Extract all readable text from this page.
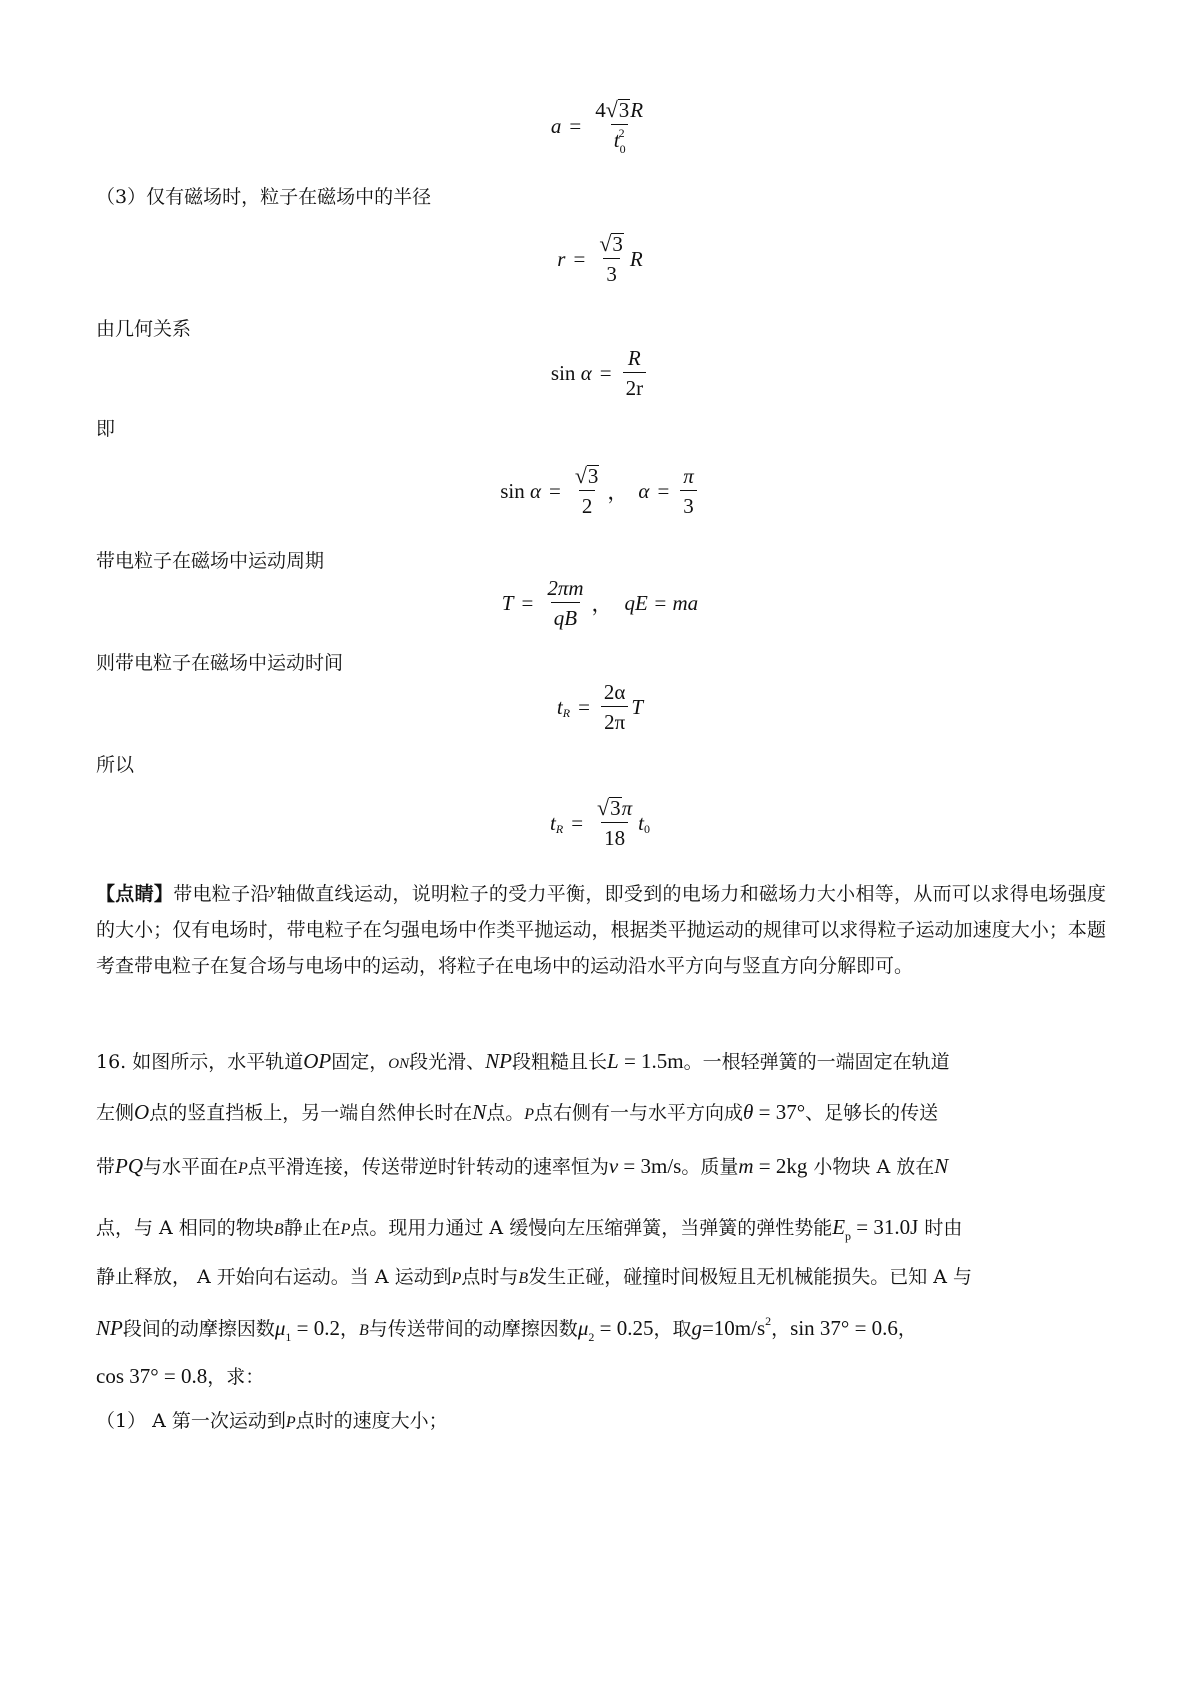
$a = \frac{4 √ 3 R}{t_0^2}$
（3）仅有磁场时，粒子在磁场中的半径
$r = \frac{√ 3}{3}$ R
由几何关系
sin
$\alpha = \frac{R}{2r}$
即
sin
$\alpha = \frac{√ 3}{2}$ ， $\alpha = \frac{\pi}{3}$
带电粒子在磁场中运动周期
$T = \frac{2\pi m}{qB}$ ， qE = ma
则带电粒子在磁场中运动时间
t $R = \frac{2\alpha}{2\pi}$ T
所以
t $R = \frac{√ 3 \pi}{18}$ t 0
【点睛】带电粒子沿$^y$轴做直线运动，说明粒子的受力平衡，即受到的电场力和磁场力大小相等，从而可以求得电场强度的大小；仅有电场时，带电粒子在匀强电场中作类平抛运动，根据类平抛运动的规律可以求得粒子运动加速度大小；本题考查带电粒子在复合场与电场中的运动，将粒子在电场中的运动沿水平方向与竖直方向分解即可。
16. 如图所示，水平轨道OP固定，ON段光滑、NP段粗糙且长L = 1.5m。一根轻弹簧的一端固定在轨道
左侧O点的竖直挡板上，另一端自然伸长时在N点。P点右侧有一与水平方向成θ = 37°、足够长的传送
带PQ与水平面在P点平滑连接，传送带逆时针转动的速率恒为v = 3m/s。质量m = 2kg 小物块 A 放在N
点，与 A 相同的物块B静止在P点。现用力通过 A 缓慢向左压缩弹簧，当弹簧的弹性势能$E_p = 31.0J$ 时由
静止释放， A 开始向右运动。当 A 运动到P点时与B发生正碰，碰撞时间极短且无机械能损失。已知 A 与
NP段间的动摩擦因数$\mu_1 = 0.2$，B与传送带间的动摩擦因数$\mu_2 = 0.25$，取$g=10m/s^2$，sin 37° = 0.6，
cos 37° = 0.8，求：
（1） A 第一次运动到P点时的速度大小；
